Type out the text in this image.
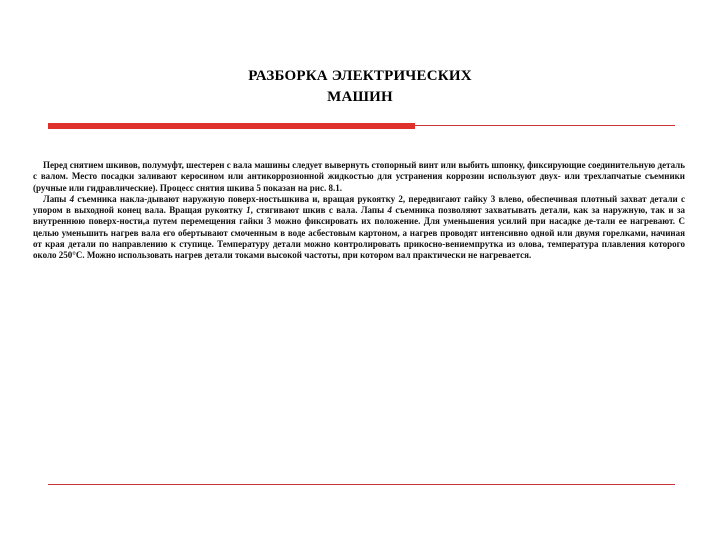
РАЗБОРКА ЭЛЕКТРИЧЕСКИХ
МАШИН

Перед снятием шкивов, полумуфт, шестерен с вала машины следует вывернуть стопорный винт или выбить шпонку, фиксирующие соединительную деталь с валом. Место посадки заливают керосином или антикоррозионной жидкостью для устранения коррозии используют двух- или трехлапчатые съемники (ручные или гидравлические). Процесс снятия шкива 5 показан на рис. 8.1.

Лапы 4 съемника накла-дывают наружную поверх-ностьшкива и, вращая рукоятку 2, передвигают гайку 3 влево, обеспечивая плотный захват детали с упором в выходной конец вала. Вращая рукоятку 1, стягивают шкив с вала. Лапы 4 съемника позволяют захватывать детали, как за наружную, так и за внутреннюю поверх-ности,а путем перемещения гайки 3 можно фиксировать их положение. Для уменьшения усилий при насадке де-тали ее нагревают. С целью уменьшить нагрев вала его обертывают смоченным в воде асбестовым картоном, а нагрев проводят интенсивно одной или двумя горелками, начиная от края детали по направлению к ступице. Температуру детали можно контролировать прикосно-вениемпрутка из олова, температура плавления которого около 250°С. Можно использовать нагрев детали токами высокой частоты, при котором вал практически не нагревается.
